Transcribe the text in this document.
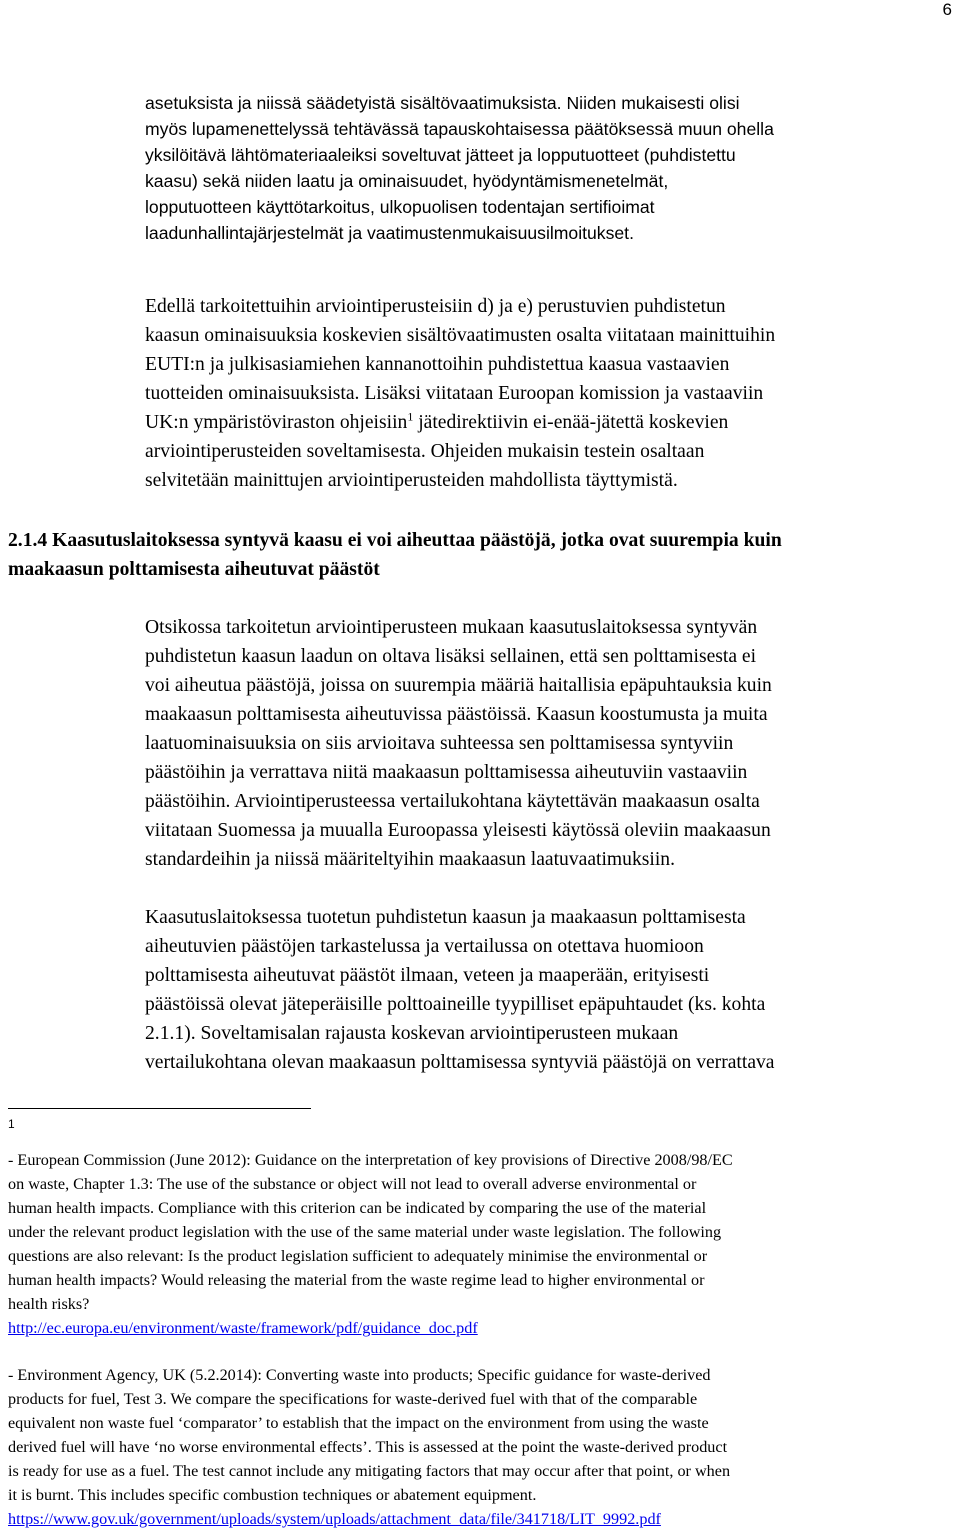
6

asetuksista ja niissä säädetyistä sisältövaatimuksista. Niiden mukaisesti olisi
myös lupamenettelyssä tehtävässä tapauskohtaisessa päätöksessä muun ohella
yksilöitävä lähtömateriaaleiksi soveltuvat jätteet ja lopputuotteet (puhdistettu
kaasu) sekä niiden laatu ja ominaisuudet, hyödyntämismenetelmät,
lopputuotteen käyttötarkoitus, ulkopuolisen todentajan sertifioimat
laadunhallintajärjestelmät ja vaatimustenmukaisuusilmoitukset.

Edellä tarkoitettuihin arviointiperusteisiin d) ja e) perustuvien puhdistetun
kaasun ominaisuuksia koskevien sisältövaatimusten osalta viitataan mainittuihin
EUTI:n ja julkisasiamiehen kannanottoihin puhdistettua kaasua vastaavien
tuotteiden ominaisuuksista. Lisäksi viitataan Euroopan komission ja vastaaviin
UK:n ympäristöviraston ohjeisiin$^1$ jätedirektiivin ei-enää-jätettä koskevien
arviointiperusteiden soveltamisesta. Ohjeiden mukaisin testein osaltaan
selvitetään mainittujen arviointiperusteiden mahdollista täyttymistä.

2.1.4 Kaasutuslaitoksessa syntyvä kaasu ei voi aiheuttaa päästöjä, jotka ovat suurempia kuin
maakaasun polttamisesta aiheutuvat päästöt

Otsikossa tarkoitetun arviointiperusteen mukaan kaasutuslaitoksessa syntyvän
puhdistetun kaasun laadun on oltava lisäksi sellainen, että sen polttamisesta ei
voi aiheutua päästöjä, joissa on suurempia määriä haitallisia epäpuhtauksia kuin
maakaasun polttamisesta aiheutuvissa päästöissä. Kaasun koostumusta ja muita
laatuominaisuuksia on siis arvioitava suhteessa sen polttamisessa syntyviin
päästöihin ja verrattava niitä maakaasun polttamisessa aiheutuviin vastaaviin
päästöihin. Arviointiperusteessa vertailukohtana käytettävän maakaasun osalta
viitataan Suomessa ja muualla Euroopassa yleisesti käytössä oleviin maakaasun
standardeihin ja niissä määriteltyihin maakaasun laatuvaatimuksiin.

Kaasutuslaitoksessa tuotetun puhdistetun kaasun ja maakaasun polttamisesta
aiheutuvien päästöjen tarkastelussa ja vertailussa on otettava huomioon
polttamisesta aiheutuvat päästöt ilmaan, veteen ja maaperään, erityisesti
päästöissä olevat jäteperäisille polttoaineille tyypilliset epäpuhtaudet (ks. kohta
2.1.1). Soveltamisalan rajausta koskevan arviointiperusteen mukaan
vertailukohtana olevan maakaasun polttamisessa syntyviä päästöjä on verrattava

1
- European Commission (June 2012): Guidance on the interpretation of key provisions of Directive 2008/98/EC
on waste, Chapter 1.3: The use of the substance or object will not lead to overall adverse environmental or
human health impacts. Compliance with this criterion can be indicated by comparing the use of the material
under the relevant product legislation with the use of the same material under waste legislation. The following
questions are also relevant: Is the product legislation sufficient to adequately minimise the environmental or
human health impacts? Would releasing the material from the waste regime lead to higher environmental or
health risks?
http://ec.europa.eu/environment/waste/framework/pdf/guidance_doc.pdf
- Environment Agency, UK (5.2.2014): Converting waste into products; Specific guidance for waste-derived
products for fuel, Test 3. We compare the specifications for waste-derived fuel with that of the comparable
equivalent non waste fuel ‘comparator’ to establish that the impact on the environment from using the waste
derived fuel will have ‘no worse environmental effects’. This is assessed at the point the waste-derived product
is ready for use as a fuel. The test cannot include any mitigating factors that may occur after that point, or when
it is burnt. This includes specific combustion techniques or abatement equipment.
https://www.gov.uk/government/uploads/system/uploads/attachment_data/file/341718/LIT_9992.pdf
